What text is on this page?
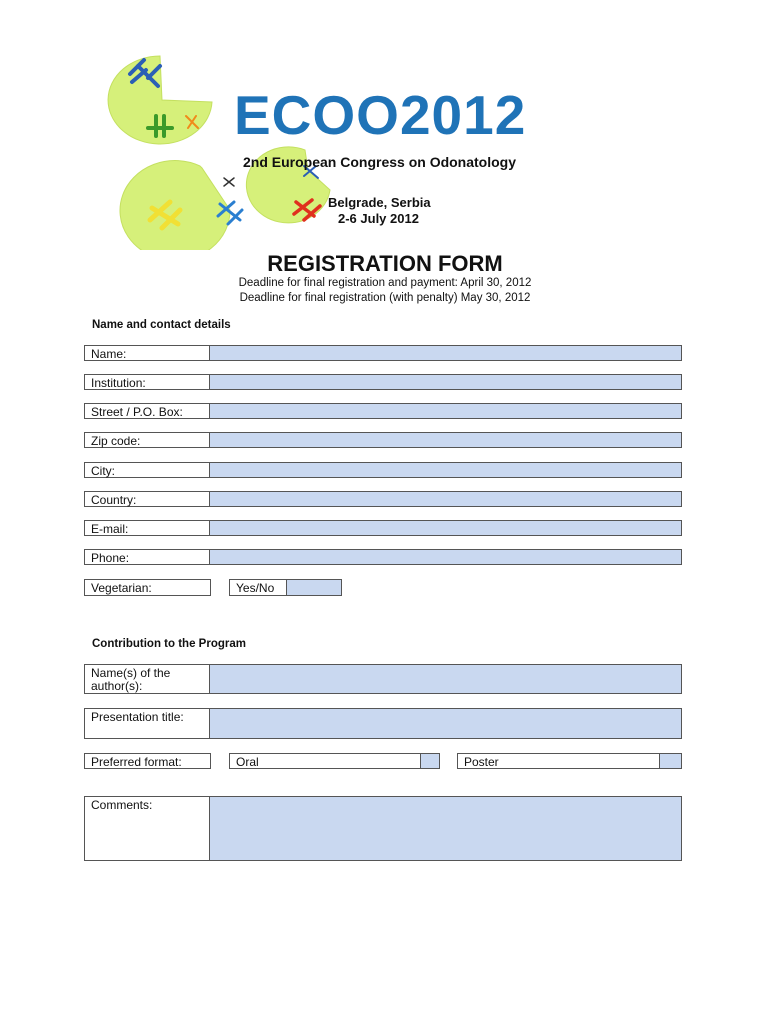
ECOO2012
2nd European Congress on Odonatology
Belgrade, Serbia
2-6 July 2012
REGISTRATION FORM
Deadline for final registration and payment: April 30, 2012
Deadline for final registration (with penalty) May 30, 2012
Name and contact details
Name:
Institution:
Street / P.O. Box:
Zip code:
City:
Country:
E-mail:
Phone:
Vegetarian:	Yes/No
Contribution to the Program
Name(s) of the author(s):
Presentation title:
Preferred format:	Oral	Poster
Comments:
